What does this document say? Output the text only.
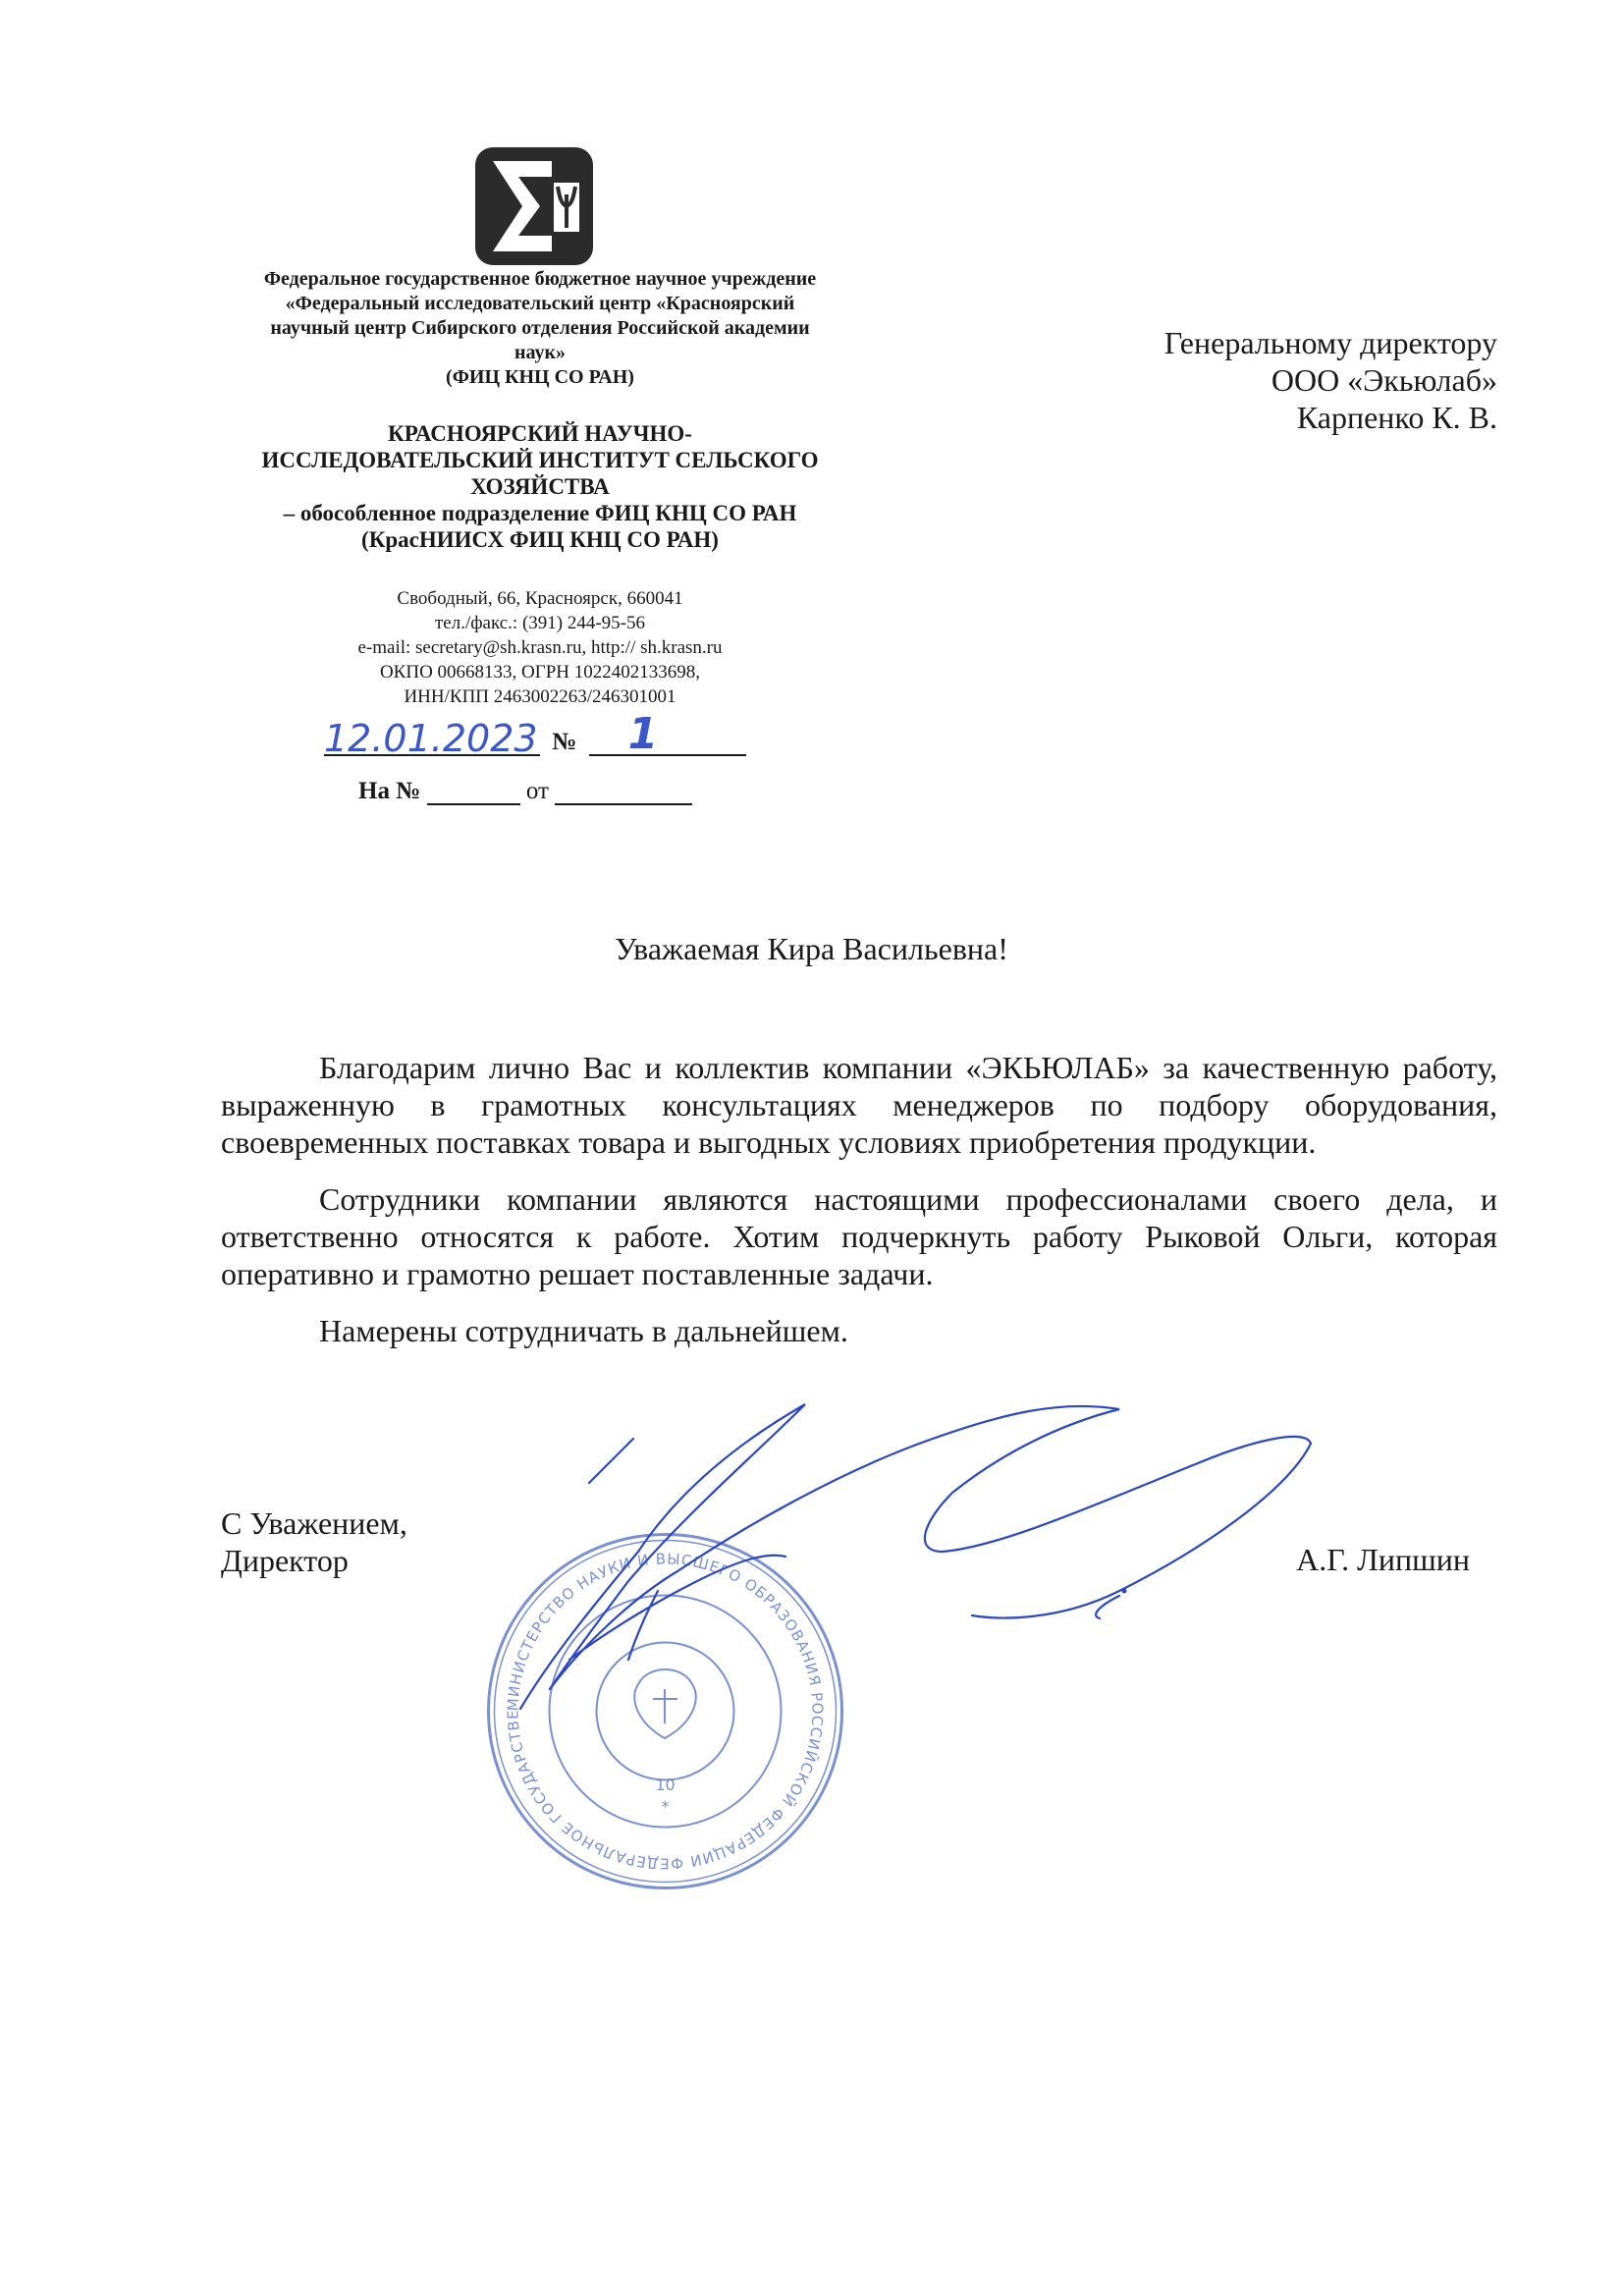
Федеральное государственное бюджетное научное учреждение
«Федеральный исследовательский центр «Красноярский
научный центр Сибирского отделения Российской академии
наук»
(ФИЦ КНЦ СО РАН)
КРАСНОЯРСКИЙ НАУЧНО-
ИССЛЕДОВАТЕЛЬСКИЙ ИНСТИТУТ СЕЛЬСКОГО
ХОЗЯЙСТВА
– обособленное подразделение ФИЦ КНЦ СО РАН
(КрасНИИСХ ФИЦ КНЦ СО РАН)
Свободный, 66, Красноярск, 660041
тел./факс.: (391) 244-95-56
e-mail: secretary@sh.krasn.ru, http:// sh.krasn.ru
ОКПО 00668133, ОГРН 1022402133698,
ИНН/КПП 2463002263/246301001
12.01.2023 № 1
На №	от
Генеральному директору
ООО «Экьюлаб»
Карпенко К. В.
Уважаемая Кира Васильевна!

Благодарим лично Вас и коллектив компании «ЭКЬЮЛАБ» за качественную работу, выраженную в грамотных консультациях менеджеров по подбору оборудования, своевременных поставках товара и выгодных условиях приобретения продукции.

Сотрудники компании являются настоящими профессионалами своего дела, и ответственно относятся к работе. Хотим подчеркнуть работу Рыковой Ольги, которая оперативно и грамотно решает поставленные задачи.

Намерены сотрудничать в дальнейшем.

МИНИСТЕРСТВО НАУКИ И ВЫСШЕГО ОБРАЗОВАНИЯ РОССИЙСКОЙ ФЕДЕРАЦИИ ФЕДЕРАЛЬНОЕ ГОСУДАРСТВЕ
*
10
С Уважением,
Директор	А.Г. Липшин
